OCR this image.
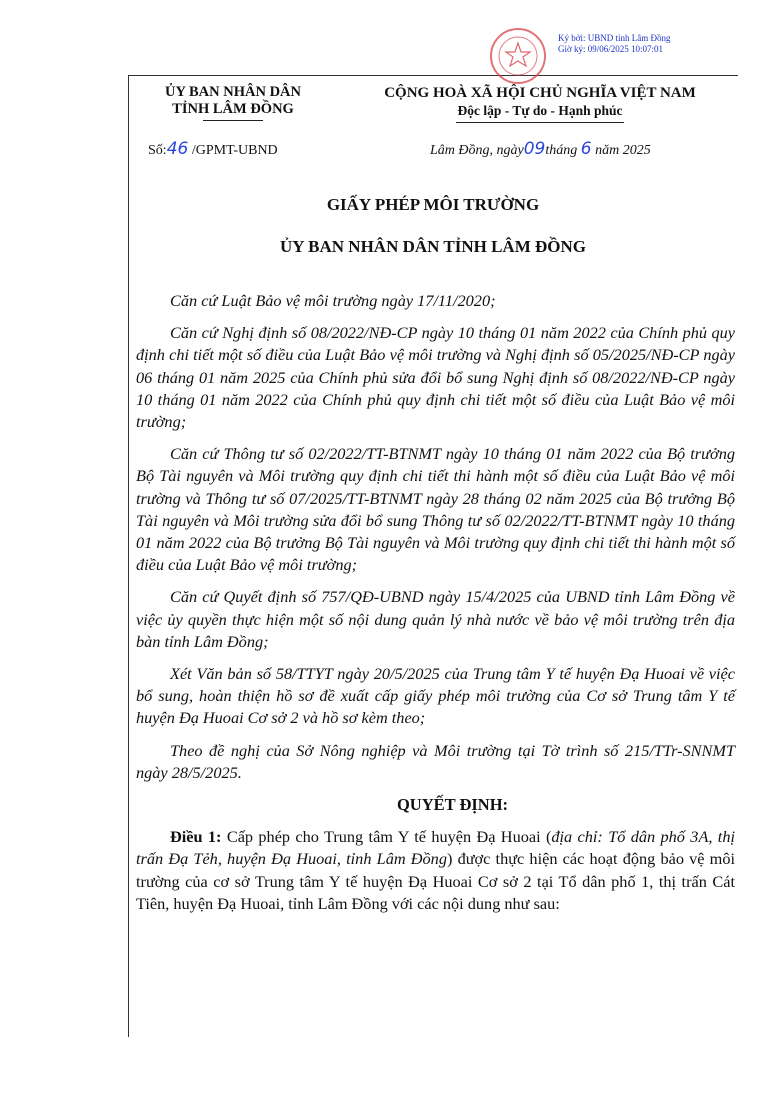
Ký bởi: UBND tỉnh Lâm Đồng
Giờ ký: 09/06/2025 10:07:01
ỦY BAN NHÂN DÂN
TỈNH LÂM ĐỒNG
CỘNG HOÀ XÃ HỘI CHỦ NGHĨA VIỆT NAM
Độc lập - Tự do - Hạnh phúc
Số:46 /GPMT-UBND	Lâm Đồng, ngày09tháng 6 năm 2025
GIẤY PHÉP MÔI TRƯỜNG
ỦY BAN NHÂN DÂN TỈNH LÂM ĐỒNG

Căn cứ Luật Bảo vệ môi trường ngày 17/11/2020;

Căn cứ Nghị định số 08/2022/NĐ-CP ngày 10 tháng 01 năm 2022 của Chính phủ quy định chi tiết một số điều của Luật Bảo vệ môi trường và Nghị định số 05/2025/NĐ-CP ngày 06 tháng 01 năm 2025 của Chính phủ sửa đổi bổ sung Nghị định số 08/2022/NĐ-CP ngày 10 tháng 01 năm 2022 của Chính phủ quy định chi tiết một số điều của Luật Bảo vệ môi trường;

Căn cứ Thông tư số 02/2022/TT-BTNMT ngày 10 tháng 01 năm 2022 của Bộ trưởng Bộ Tài nguyên và Môi trường quy định chi tiết thi hành một số điều của Luật Bảo vệ môi trường và Thông tư số 07/2025/TT-BTNMT ngày 28 tháng 02 năm 2025 của Bộ trưởng Bộ Tài nguyên và Môi trường sửa đổi bổ sung Thông tư số 02/2022/TT-BTNMT ngày 10 tháng 01 năm 2022 của Bộ trưởng Bộ Tài nguyên và Môi trường quy định chi tiết thi hành một số điều của Luật Bảo vệ môi trường;

Căn cứ Quyết định số 757/QĐ-UBND ngày 15/4/2025 của UBND tỉnh Lâm Đồng về việc ủy quyền thực hiện một số nội dung quản lý nhà nước về bảo vệ môi trường trên địa bàn tỉnh Lâm Đồng;

Xét Văn bản số 58/TTYT ngày 20/5/2025 của Trung tâm Y tế huyện Đạ Huoai về việc bổ sung, hoàn thiện hồ sơ đề xuất cấp giấy phép môi trường của Cơ sở Trung tâm Y tế huyện Đạ Huoai Cơ sở 2 và hồ sơ kèm theo;

Theo đề nghị của Sở Nông nghiệp và Môi trường tại Tờ trình số 215/TTr-SNNMT ngày 28/5/2025.

QUYẾT ĐỊNH:

Điều 1: Cấp phép cho Trung tâm Y tế huyện Đạ Huoai (địa chỉ: Tổ dân phố 3A, thị trấn Đạ Tẻh, huyện Đạ Huoai, tỉnh Lâm Đồng) được thực hiện các hoạt động bảo vệ môi trường của cơ sở Trung tâm Y tế huyện Đạ Huoai Cơ sở 2 tại Tổ dân phố 1, thị trấn Cát Tiên, huyện Đạ Huoai, tỉnh Lâm Đồng với các nội dung như sau:
